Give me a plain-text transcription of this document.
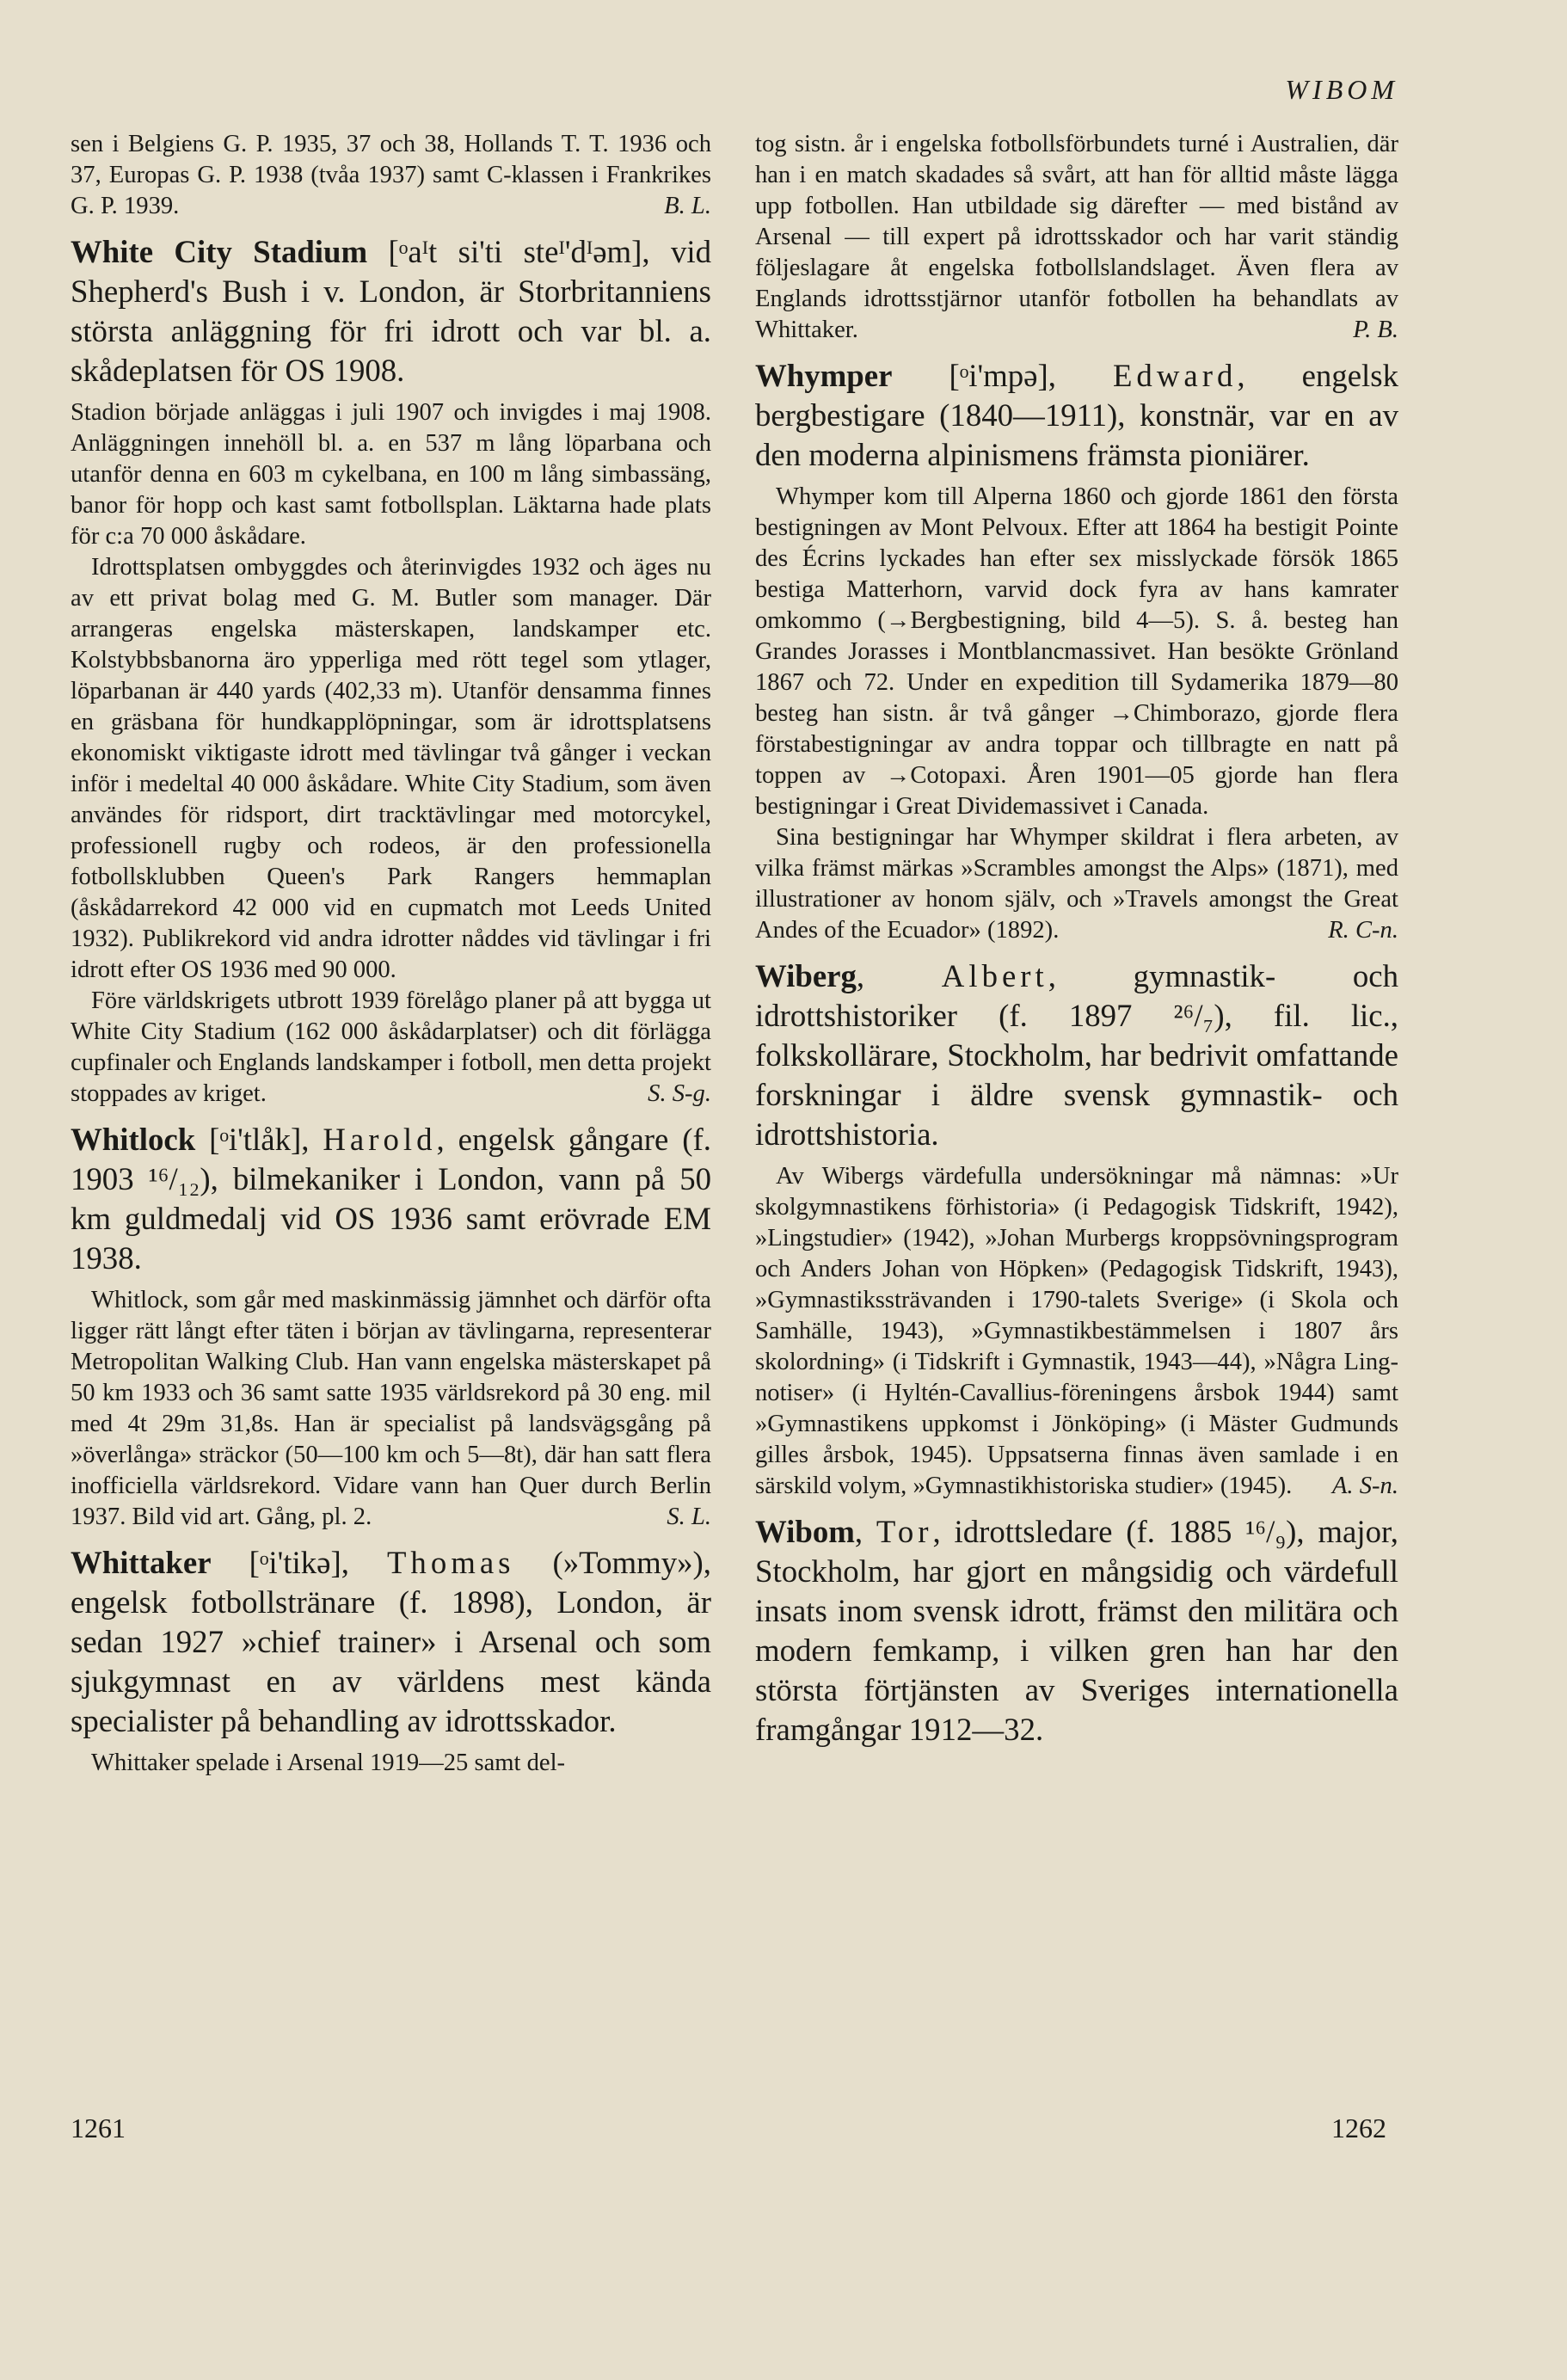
WIBOM

sen i Belgiens G. P. 1935, 37 och 38, Hollands T. T. 1936 och 37, Europas G. P. 1938 (tvåa 1937) samt C-klassen i Frankrikes G. P. 1939.	B. L.

White City Stadium [ᵒaᴵt si'ti steᴵ'dᴵəm], vid Shepherd's Bush i v. London, är Storbritanniens största anläggning för fri idrott och var bl. a. skådeplatsen för OS 1908.

Stadion började anläggas i juli 1907 och invigdes i maj 1908. Anläggningen innehöll bl. a. en 537 m lång löparbana och utanför denna en 603 m cykelbana, en 100 m lång simbassäng, banor för hopp och kast samt fotbollsplan. Läktarna hade plats för c:a 70 000 åskådare.

Idrottsplatsen ombyggdes och återinvigdes 1932 och äges nu av ett privat bolag med G. M. Butler som manager. Där arrangeras engelska mästerskapen, landskamper etc. Kolstybbsbanorna äro ypperliga med rött tegel som ytlager, löparbanan är 440 yards (402,33 m). Utanför densamma finnes en gräsbana för hundkapplöpningar, som är idrottsplatsens ekonomiskt viktigaste idrott med tävlingar två gånger i veckan inför i medeltal 40 000 åskådare. White City Stadium, som även användes för ridsport, dirt tracktävlingar med motorcykel, professionell rugby och rodeos, är den professionella fotbollsklubben Queen's Park Rangers hemmaplan (åskådarrekord 42 000 vid en cupmatch mot Leeds United 1932). Publikrekord vid andra idrotter nåddes vid tävlingar i fri idrott efter OS 1936 med 90 000.

Före världskrigets utbrott 1939 förelågo planer på att bygga ut White City Stadium (162 000 åskådarplatser) och dit förlägga cupfinaler och Englands landskamper i fotboll, men detta projekt stoppades av kriget.	S. S-g.

Whitlock [ᵒi'tlåk], Harold, engelsk gångare (f. 1903 ¹⁶/₁₂), bilmekaniker i London, vann på 50 km guldmedalj vid OS 1936 samt erövrade EM 1938.

Whitlock, som går med maskinmässig jämnhet och därför ofta ligger rätt långt efter täten i början av tävlingarna, representerar Metropolitan Walking Club. Han vann engelska mästerskapet på 50 km 1933 och 36 samt satte 1935 världsrekord på 30 eng. mil med 4t 29m 31,8s. Han är specialist på landsvägsgång på »överlånga» sträckor (50—100 km och 5—8t), där han satt flera inofficiella världsrekord. Vidare vann han Quer durch Berlin 1937. Bild vid art. Gång, pl. 2.	S. L.

Whittaker [ᵒi'tikə], Thomas (»Tommy»), engelsk fotbollstränare (f. 1898), London, är sedan 1927 »chief trainer» i Arsenal och som sjukgymnast en av världens mest kända specialister på behandling av idrottsskador.

Whittaker spelade i Arsenal 1919—25 samt del-

tog sistn. år i engelska fotbollsförbundets turné i Australien, där han i en match skadades så svårt, att han för alltid måste lägga upp fotbollen. Han utbildade sig därefter — med bistånd av Arsenal — till expert på idrottsskador och har varit ständig följeslagare åt engelska fotbollslandslaget. Även flera av Englands idrottsstjärnor utanför fotbollen ha behandlats av Whittaker.	P. B.

Whymper [ᵒi'mpə], Edward, engelsk bergbestigare (1840—1911), konstnär, var en av den moderna alpinismens främsta pioniärer.

Whymper kom till Alperna 1860 och gjorde 1861 den första bestigningen av Mont Pelvoux. Efter att 1864 ha bestigit Pointe des Écrins lyckades han efter sex misslyckade försök 1865 bestiga Matterhorn, varvid dock fyra av hans kamrater omkommo (→Bergbestigning, bild 4—5). S. å. besteg han Grandes Jorasses i Montblancmassivet. Han besökte Grönland 1867 och 72. Under en expedition till Sydamerika 1879—80 besteg han sistn. år två gånger →Chimborazo, gjorde flera förstabestigningar av andra toppar och tillbragte en natt på toppen av →Cotopaxi. Åren 1901—05 gjorde han flera bestigningar i Great Dividemassivet i Canada.

Sina bestigningar har Whymper skildrat i flera arbeten, av vilka främst märkas »Scrambles amongst the Alps» (1871), med illustrationer av honom själv, och »Travels amongst the Great Andes of the Ecuador» (1892).	R. C-n.

Wiberg, Albert, gymnastik- och idrottshistoriker (f. 1897 ²⁶/₇), fil. lic., folkskollärare, Stockholm, har bedrivit omfattande forskningar i äldre svensk gymnastik- och idrottshistoria.

Av Wibergs värdefulla undersökningar må nämnas: »Ur skolgymnastikens förhistoria» (i Pedagogisk Tidskrift, 1942), »Lingstudier» (1942), »Johan Murbergs kroppsövningsprogram och Anders Johan von Höpken» (Pedagogisk Tidskrift, 1943), »Gymnastikssträvanden i 1790-talets Sverige» (i Skola och Samhälle, 1943), »Gymnastikbestämmelsen i 1807 års skolordning» (i Tidskrift i Gymnastik, 1943—44), »Några Ling-notiser» (i Hyltén-Cavallius-föreningens årsbok 1944) samt »Gymnastikens uppkomst i Jönköping» (i Mäster Gudmunds gilles årsbok, 1945). Uppsatserna finnas även samlade i en särskild volym, »Gymnastikhistoriska studier» (1945).	A. S-n.

Wibom, Tor, idrottsledare (f. 1885 ¹⁶/₉), major, Stockholm, har gjort en mångsidig och värdefull insats inom svensk idrott, främst den militära och modern femkamp, i vilken gren han har den största förtjänsten av Sveriges internationella framgångar 1912—32.

1261	1262
